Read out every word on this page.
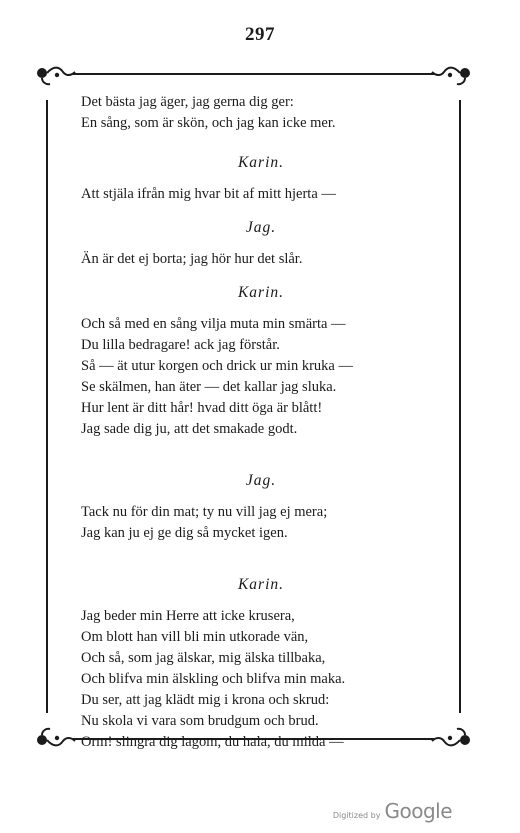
297
Det bästa jag äger, jag gerna dig ger:
En sång, som är skön, och jag kan icke mer.
Karin.
Att stjäla ifrån mig hvar bit af mitt hjerta —
Jag.
Än är det ej borta; jag hör hur det slår.
Karin.
Och så med en sång vilja muta min smärta —
Du lilla bedragare! ack jag förstår.
Så — ät utur korgen och drick ur min kruka —
Se skälmen, han äter — det kallar jag sluka.
Hur lent är ditt hår! hvad ditt öga är blått!
Jag sade dig ju, att det smakade godt.
Jag.
Tack nu för din mat; ty nu vill jag ej mera;
Jag kan ju ej ge dig så mycket igen.
Karin.
Jag beder min Herre att icke krusera,
Om blott han vill bli min utkorade vän,
Och så, som jag älskar, mig älska tillbaka,
Och blifva min älskling och blifva min maka.
Du ser, att jag klädt mig i krona och skrud:
Nu skola vi vara som brudgum och brud.
Orm! slingra dig lagom, du hala, du milda —
Digitized by Google
